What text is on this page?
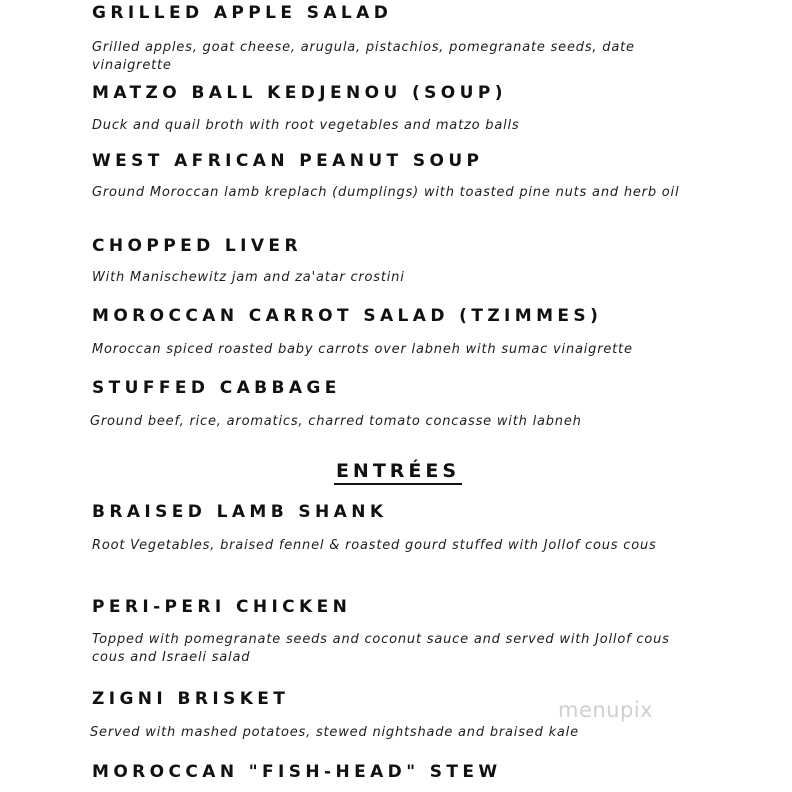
GRILLED APPLE SALAD

Grilled apples, goat cheese, arugula, pistachios, pomegranate seeds, date vinaigrette

MATZO BALL KEDJENOU (SOUP)

Duck and quail broth with root vegetables and matzo balls

WEST AFRICAN PEANUT SOUP

Ground Moroccan lamb kreplach (dumplings) with toasted pine nuts and herb oil

CHOPPED LIVER

With Manischewitz jam and za'atar crostini

MOROCCAN CARROT SALAD (TZIMMES)

Moroccan spiced roasted baby carrots over labneh with sumac vinaigrette

STUFFED CABBAGE

Ground beef, rice, aromatics, charred tomato concasse with labneh

ENTRÉES
BRAISED LAMB SHANK

Root Vegetables, braised fennel & roasted gourd stuffed with Jollof cous cous

PERI-PERI CHICKEN

Topped with pomegranate seeds and coconut sauce and served with Jollof cous cous and Israeli salad

ZIGNI BRISKET

Served with mashed potatoes, stewed nightshade and braised kale

MOROCCAN "FISH-HEAD" STEW
menupix
